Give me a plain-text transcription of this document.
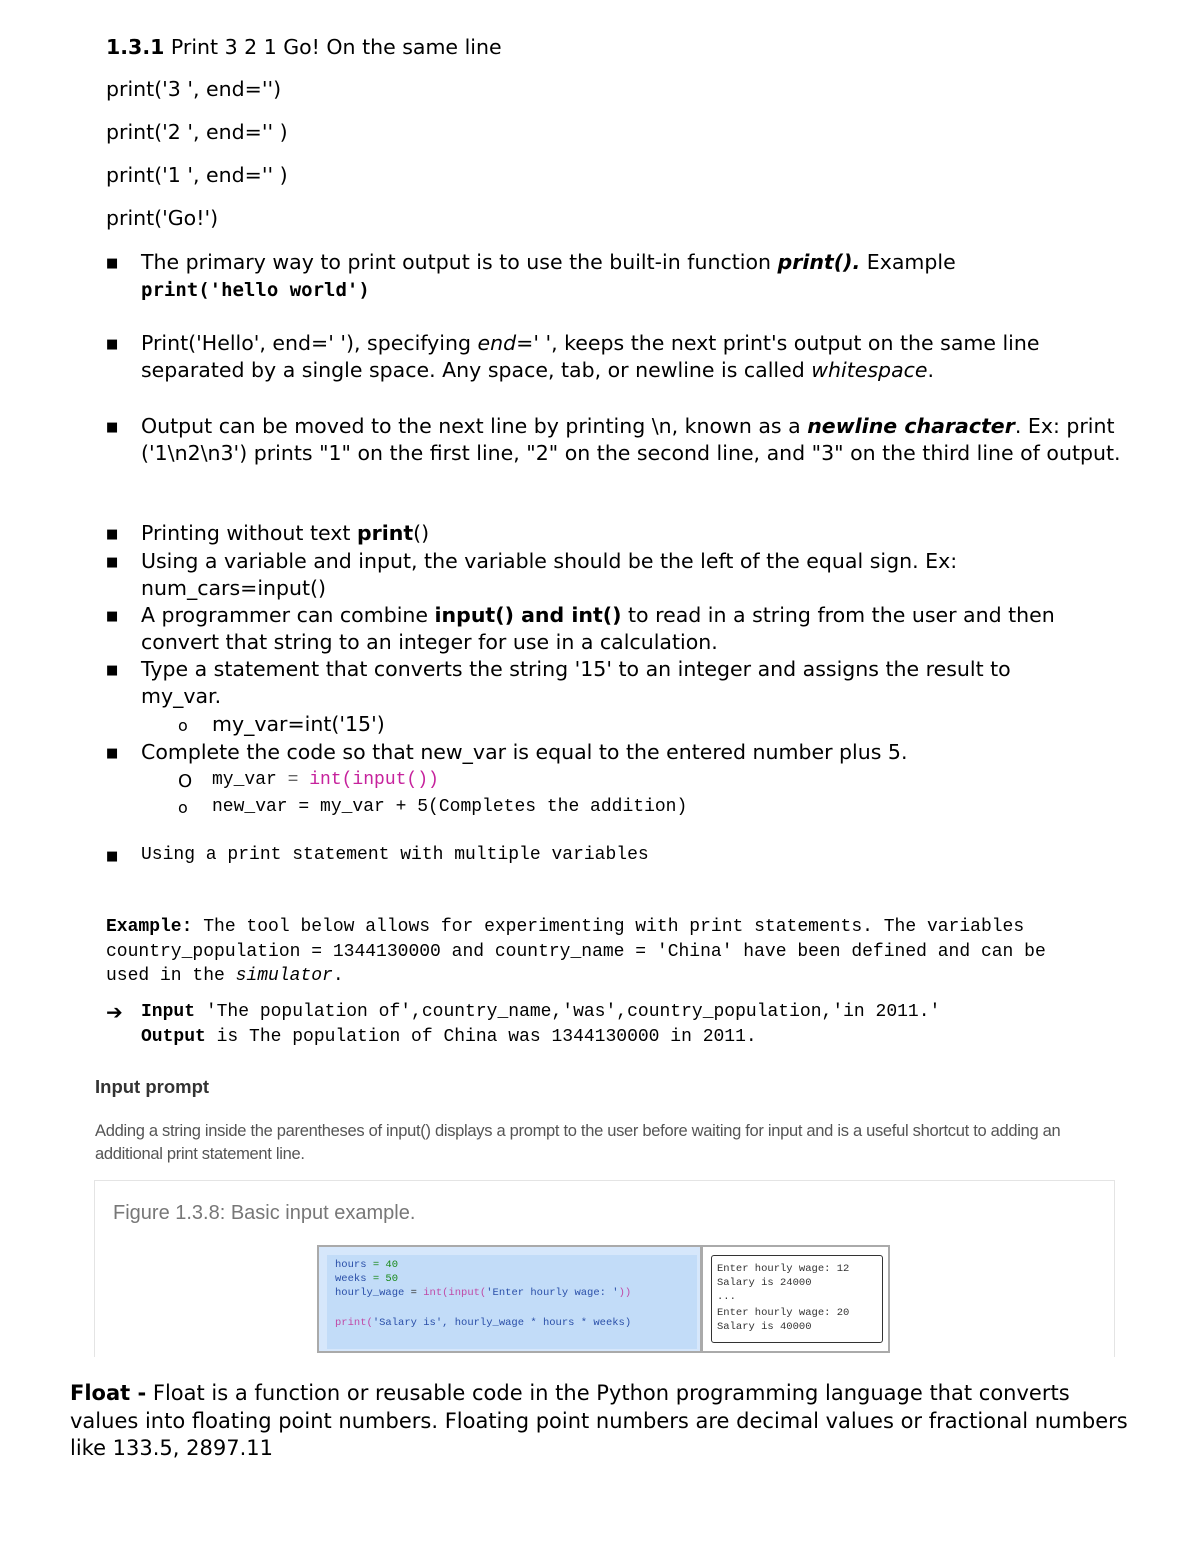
1.3.1 Print 3 2 1 Go! On the same line
print('3 ', end='')
print('2 ', end='' )
print('1 ', end='' )
print('Go!')
■ The primary way to print output is to use the built-in function print(). Example
print('hello world')
■ Print('Hello', end=' '), specifying end=' ', keeps the next print's output on the same line separated by a single space. Any space, tab, or newline is called whitespace.
■ Output can be moved to the next line by printing \n, known as a newline character. Ex: print ('1\n2\n3') prints "1" on the first line, "2" on the second line, and "3" on the third line of output.
■ Printing without text print()
■ Using a variable and input, the variable should be the left of the equal sign. Ex: num_cars=input()
■ A programmer can combine input() and int() to read in a string from the user and then convert that string to an integer for use in a calculation.
■ Type a statement that converts the string '15' to an integer and assigns the result to my_var.
o my_var=int('15')
■ Complete the code so that new_var is equal to the entered number plus 5.
O my_var = int(input())
o new_var = my_var + 5(Completes the addition)
■ Using a print statement with multiple variables
Example: The tool below allows for experimenting with print statements. The variables country_population = 1344130000 and country_name = 'China' have been defined and can be used in the simulator.
➔ Input 'The population of',country_name,'was',country_population,'in 2011.'
Output is The population of China was 1344130000 in 2011.
Input prompt
Adding a string inside the parentheses of input() displays a prompt to the user before waiting for input and is a useful shortcut to adding an additional print statement line.
Figure 1.3.8: Basic input example.
hours = 40
weeks = 50
hourly_wage = int(input('Enter hourly wage: '))
print('Salary is', hourly_wage * hours * weeks)
Enter hourly wage: 12
Salary is 24000
...
Enter hourly wage: 20
Salary is 40000
Float - Float is a function or reusable code in the Python programming language that converts values into floating point numbers. Floating point numbers are decimal values or fractional numbers like 133.5, 2897.11
